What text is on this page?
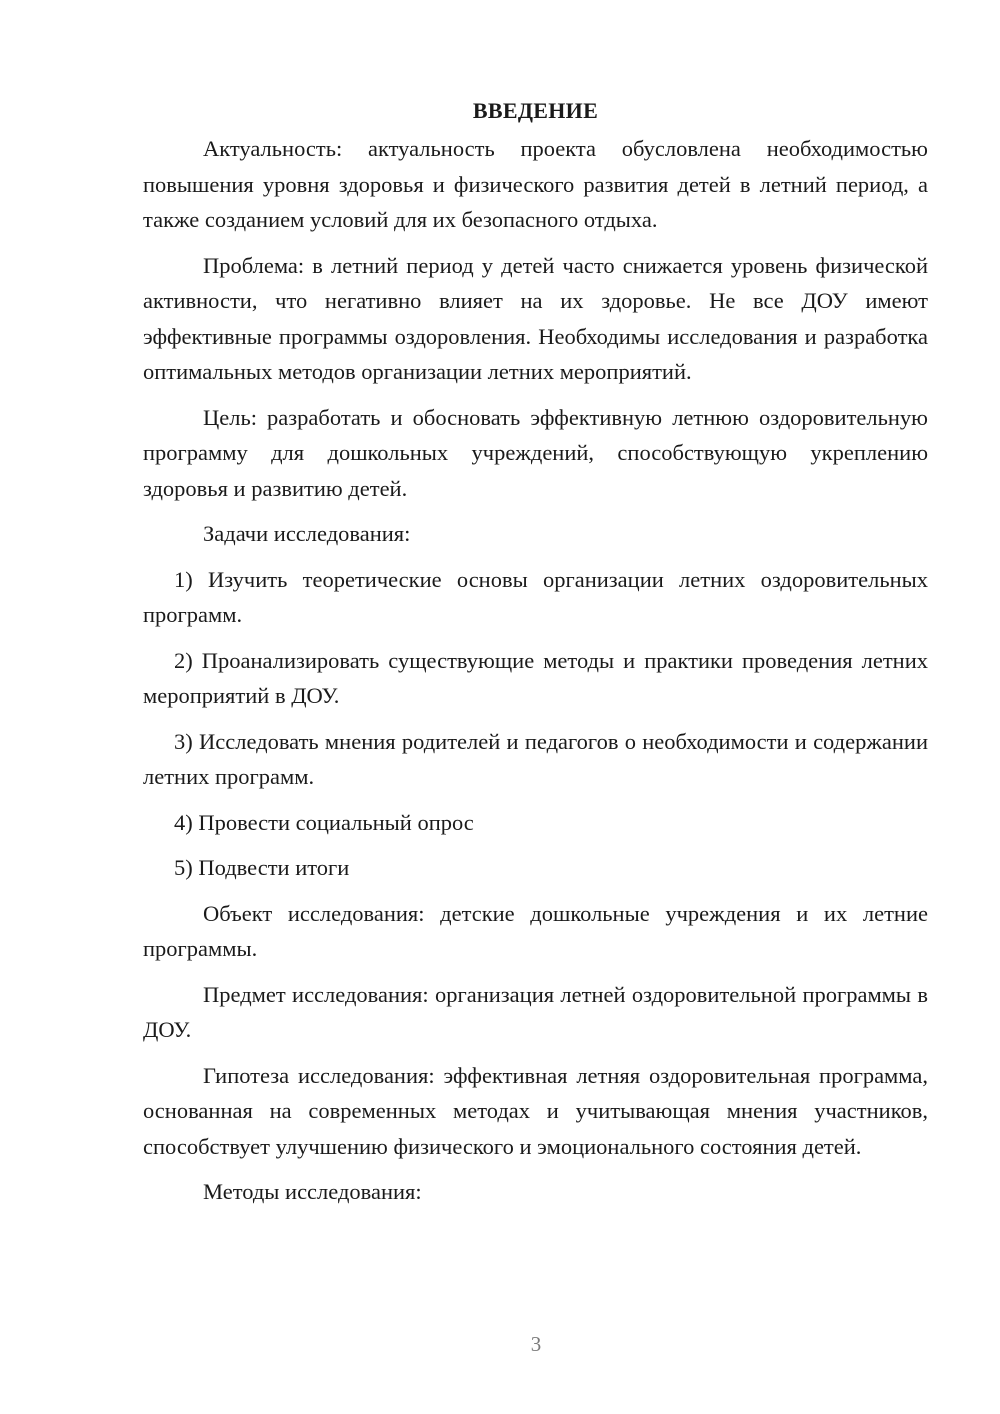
ВВЕДЕНИЕ

Актуальность: актуальность проекта обусловлена необходимостью повышения уровня здоровья и физического развития детей в летний период, а также созданием условий для их безопасного отдыха.

Проблема: в летний период у детей часто снижается уровень физической активности, что негативно влияет на их здоровье. Не все ДОУ имеют эффективные программы оздоровления. Необходимы исследования и разработка оптимальных методов организации летних мероприятий.

Цель: разработать и обосновать эффективную летнюю оздоровительную программу для дошкольных учреждений, способствующую укреплению здоровья и развитию детей.

Задачи исследования:

1) Изучить теоретические основы организации летних оздоровительных программ.

2) Проанализировать существующие методы и практики проведения летних мероприятий в ДОУ.

3) Исследовать мнения родителей и педагогов о необходимости и содержании летних программ.

4) Провести социальный опрос

5) Подвести итоги

Объект исследования: детские дошкольные учреждения и их летние программы.

Предмет исследования: организация летней оздоровительной программы в ДОУ.

Гипотеза исследования: эффективная летняя оздоровительная программа, основанная на современных методах и учитывающая мнения участников, способствует улучшению физического и эмоционального состояния детей.

Методы исследования:

3
